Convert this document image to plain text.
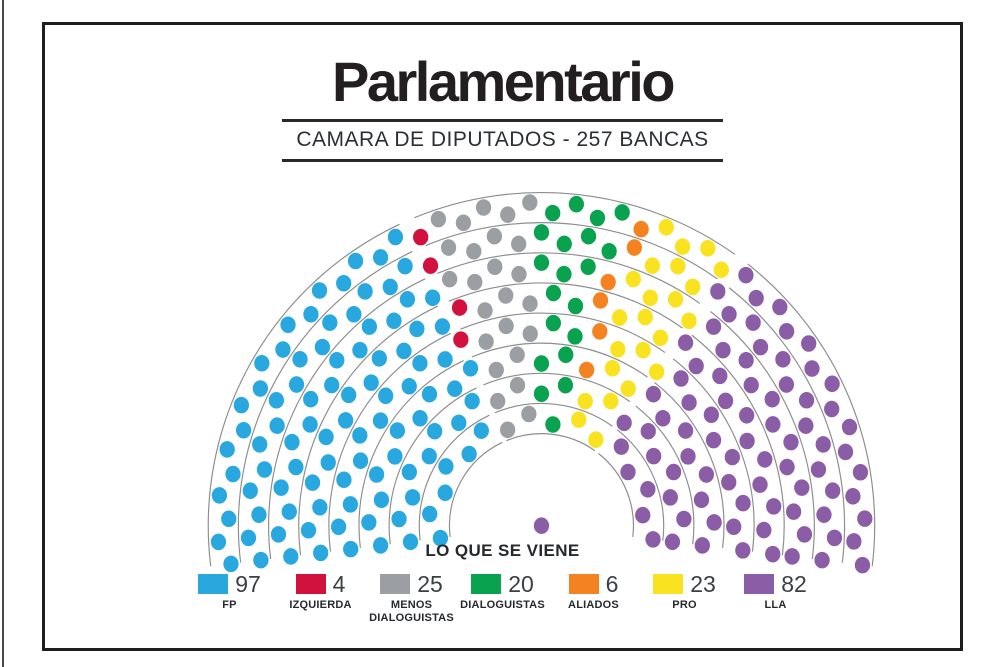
Parlamentario
CAMARA DE DIPUTADOS - 257 BANCAS
LO QUE SE VIENE
97
FP
4
IZQUIERDA
25
MENOS
DIALOGUISTAS
20
DIALOGUISTAS
6
ALIADOS
23
PRO
82
LLA
